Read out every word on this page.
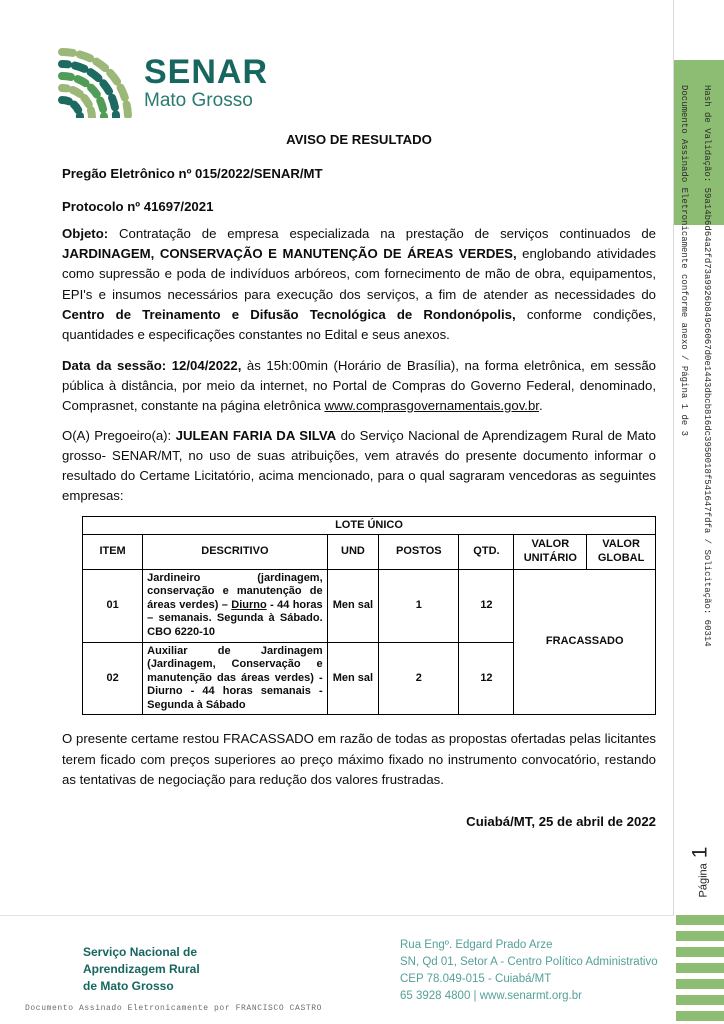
SENAR
Mato Grosso
AVISO DE RESULTADO
Pregão Eletrônico nº 015/2022/SENAR/MT
Protocolo nº 41697/2021

Objeto: Contratação de empresa especializada na prestação de serviços continuados de JARDINAGEM, CONSERVAÇÃO E MANUTENÇÃO DE ÁREAS VERDES, englobando atividades como supressão e poda de indivíduos arbóreos, com fornecimento de mão de obra, equipamentos, EPI's e insumos necessários para execução dos serviços, a fim de atender as necessidades do Centro de Treinamento e Difusão Tecnológica de Rondonópolis, conforme condições, quantidades e especificações constantes no Edital e seus anexos.

Data da sessão: 12/04/2022, às 15h:00min (Horário de Brasília), na forma eletrônica, em sessão pública à distância, por meio da internet, no Portal de Compras do Governo Federal, denominado, Comprasnet, constante na página eletrônica www.comprasgovernamentais.gov.br.

O(A) Pregoeiro(a): JULEAN FARIA DA SILVA do Serviço Nacional de Aprendizagem Rural de Mato grosso- SENAR/MT, no uso de suas atribuições, vem através do presente documento informar o resultado do Certame Licitatório, acima mencionado, para o qual sagraram vencedoras as seguintes empresas:

LOTE ÚNICO						
ITEM	DESCRITIVO	UND	POSTOS	QTD.	VALOR UNITÁRIO	VALOR GLOBAL
01	Jardineiro (jardinagem, conservação e manutenção de áreas verdes) – Diurno - 44 horas – semanais. Segunda à Sábado. CBO 6220-10	Men sal	1	12	FRACASSADO	
02	Auxiliar de Jardinagem (Jardinagem, Conservação e manutenção das áreas verdes) - Diurno - 44 horas semanais - Segunda à Sábado	Men sal	2	12		

O presente certame restou FRACASSADO em razão de todas as propostas ofertadas pelas licitantes terem ficado com preços superiores ao preço máximo fixado no instrumento convocatório, restando as tentativas de negociação para redução dos valores frustradas.

Cuiabá/MT, 25 de abril de 2022
Hash de Validação: 59a14b6d64a2fd73a9926b849c6067d0e1443dbcb816dc3950018f541647fdfa / Solicitação: 60314
Documento Assinado Eletronicamente conforme anexo / Página 1 de 3
Página
1
Serviço Nacional de
Aprendizagem Rural
de Mato Grosso
Rua Engº. Edgard Prado Arze
SN, Qd 01, Setor A - Centro Político Administrativo
CEP 78.049-015 - Cuiabá/MT
65 3928 4800 | www.senarmt.org.br
Documento Assinado Eletronicamente por FRANCISCO CASTRO
